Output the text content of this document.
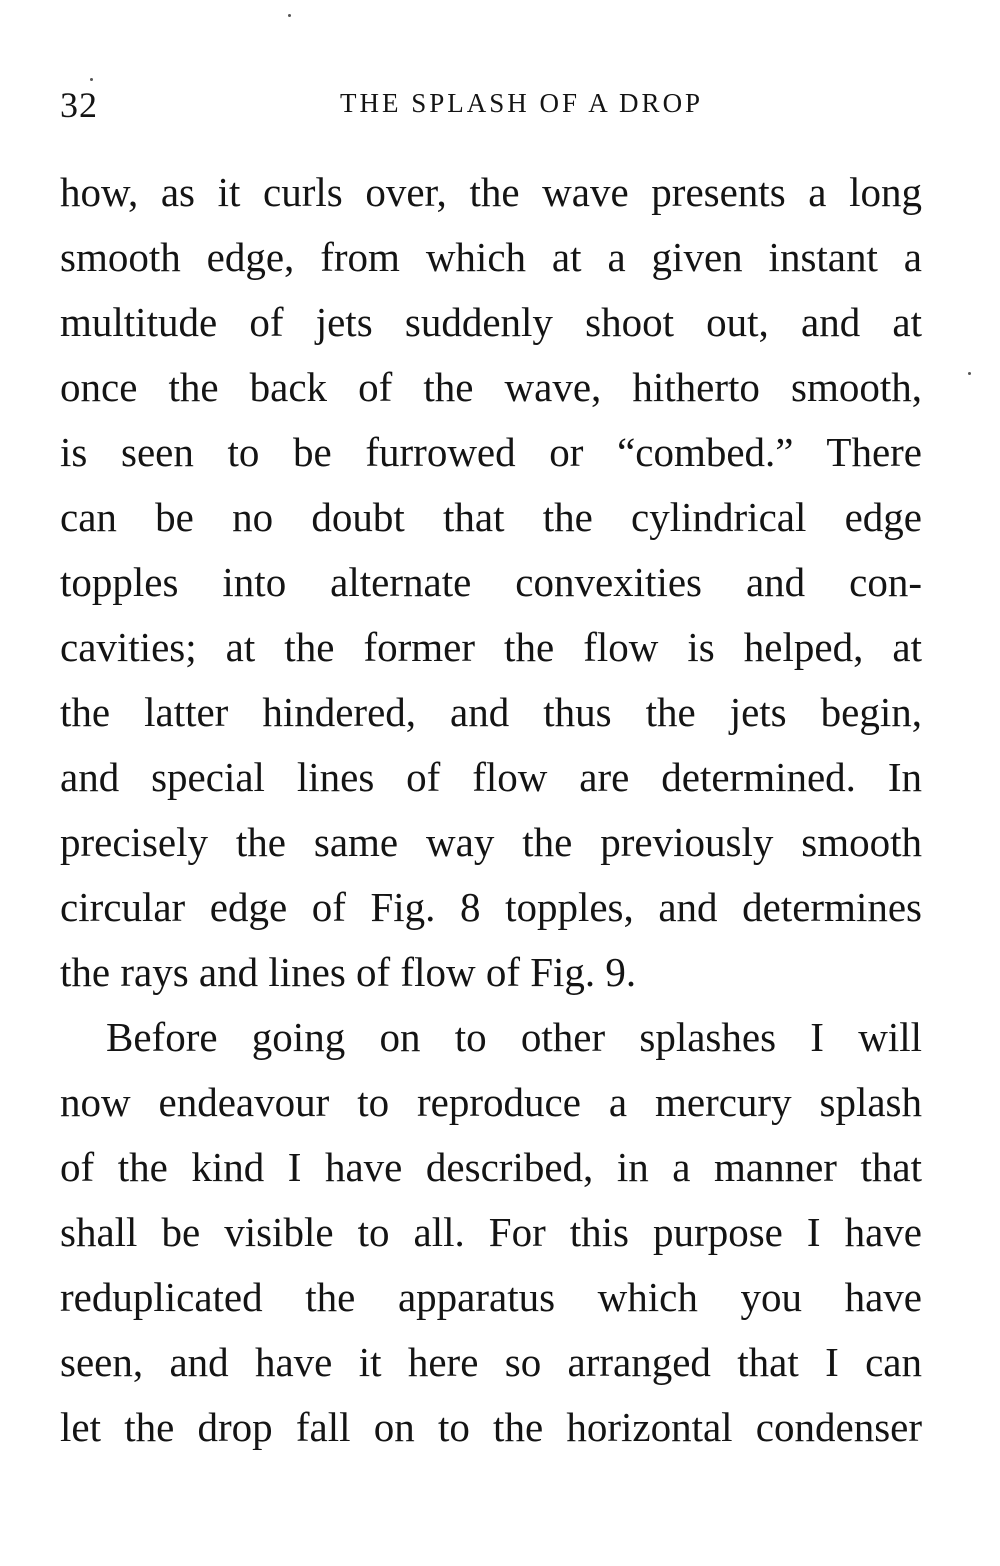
32	THE SPLASH OF A DROP
how, as it curls over, the wave presents a long
smooth edge, from which at a given instant a
multitude of jets suddenly shoot out, and at
once the back of the wave, hitherto smooth,
is seen to be furrowed or “combed.” There
can be no doubt that the cylindrical edge
topples into alternate convexities and con-
cavities; at the former the flow is helped, at
the latter hindered, and thus the jets begin,
and special lines of flow are determined. In
precisely the same way the previously smooth
circular edge of Fig. 8 topples, and determines
the rays and lines of flow of Fig. 9.
Before going on to other splashes I will
now endeavour to reproduce a mercury splash
of the kind I have described, in a manner that
shall be visible to all. For this purpose I have
reduplicated the apparatus which you have
seen, and have it here so arranged that I can
let the drop fall on to the horizontal condenser
